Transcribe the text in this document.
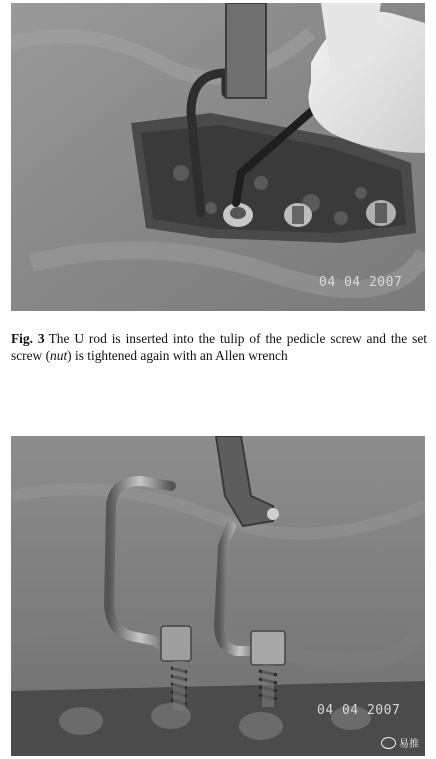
04 04 2007
Fig. 3 The U rod is inserted into the tulip of the pedicle screw and the set screw (nut) is tightened again with an Allen wrench
04 04 2007
易推
